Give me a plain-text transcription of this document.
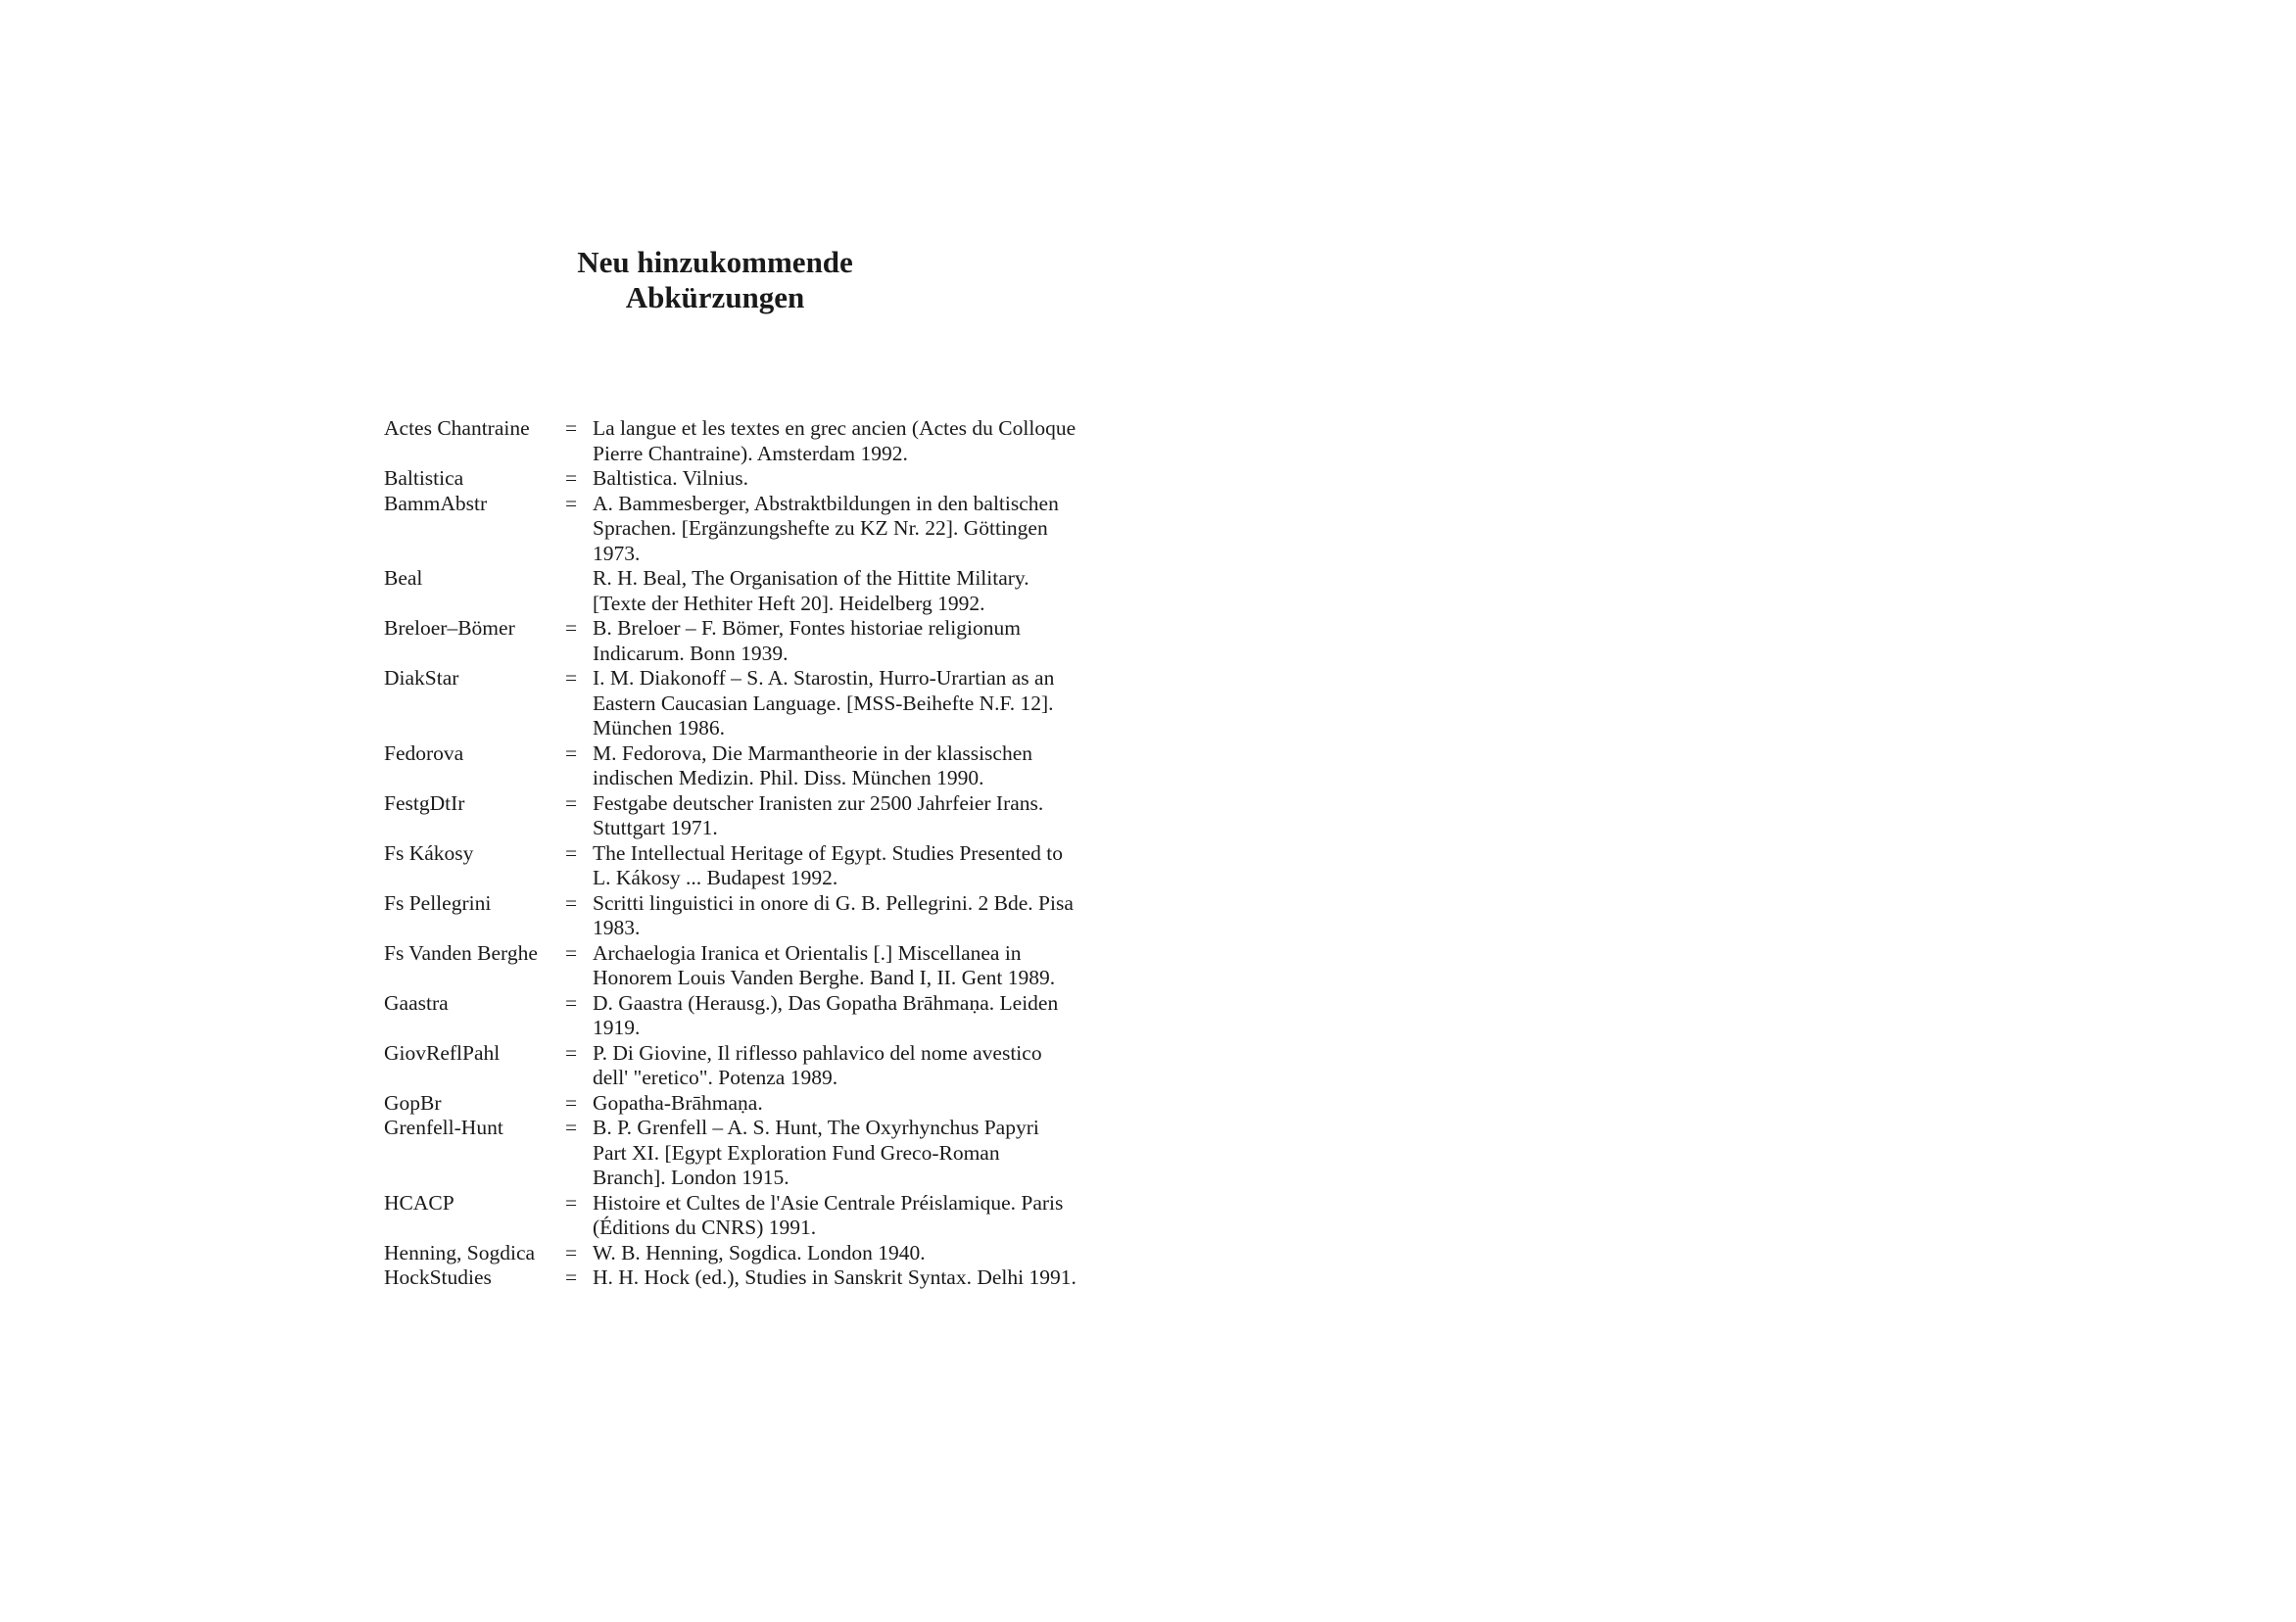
Neu hinzukommende Abkürzungen
Actes Chantraine	= La langue et les textes en grec ancien (Actes du Colloque Pierre Chantraine). Amsterdam 1992.
Baltistica	= Baltistica. Vilnius.
BammAbstr	= A. Bammesberger, Abstraktbildungen in den baltischen Sprachen. [Ergänzungshefte zu KZ Nr. 22]. Göttingen 1973.
Beal	R. H. Beal, The Organisation of the Hittite Military. [Texte der Hethiter Heft 20]. Heidelberg 1992.
Breloer–Bömer	= B. Breloer – F. Bömer, Fontes historiae religionum Indicarum. Bonn 1939.
DiakStar	= I. M. Diakonoff – S. A. Starostin, Hurro-Urartian as an Eastern Caucasian Language. [MSS-Beihefte N.F. 12]. München 1986.
Fedorova	= M. Fedorova, Die Marmantheorie in der klassischen indischen Medizin. Phil. Diss. München 1990.
FestgDtIr	= Festgabe deutscher Iranisten zur 2500 Jahrfeier Irans. Stuttgart 1971.
Fs Kákosy	= The Intellectual Heritage of Egypt. Studies Presented to L. Kákosy ... Budapest 1992.
Fs Pellegrini	= Scritti linguistici in onore di G. B. Pellegrini. 2 Bde. Pisa 1983.
Fs Vanden Berghe	= Archaelogia Iranica et Orientalis [.] Miscellanea in Honorem Louis Vanden Berghe. Band I, II. Gent 1989.
Gaastra	= D. Gaastra (Herausg.), Das Gopatha Brāhmaṇa. Leiden 1919.
GiovReflPahl	= P. Di Giovine, Il riflesso pahlavico del nome avestico dell' "eretico". Potenza 1989.
GopBr	= Gopatha-Brāhmaṇa.
Grenfell-Hunt	= B. P. Grenfell – A. S. Hunt, The Oxyrhynchus Papyri Part XI. [Egypt Exploration Fund Greco-Roman Branch]. London 1915.
HCACP	= Histoire et Cultes de l'Asie Centrale Préislamique. Paris (Éditions du CNRS) 1991.
Henning, Sogdica	= W. B. Henning, Sogdica. London 1940.
HockStudies	= H. H. Hock (ed.), Studies in Sanskrit Syntax. Delhi 1991.
